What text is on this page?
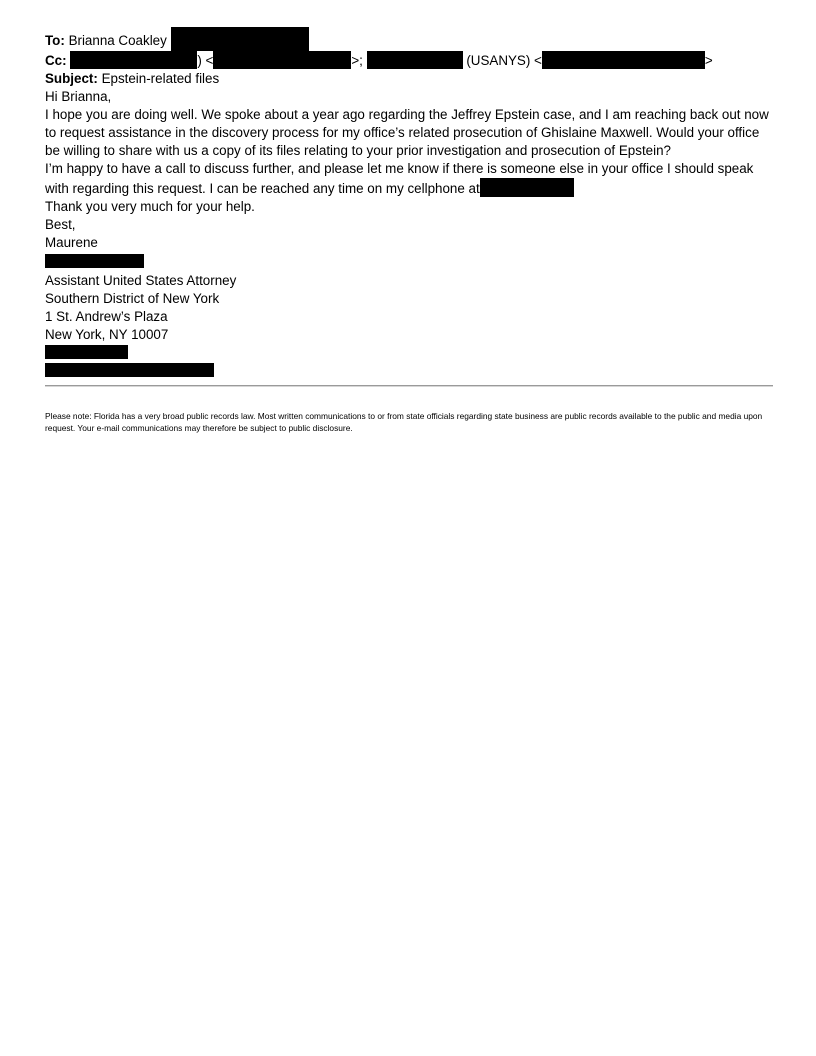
To: Brianna Coakley
Cc:	) <	>;	(USANYS) <	>
Subject: Epstein-related files
Hi Brianna,
I hope you are doing well. We spoke about a year ago regarding the Jeffrey Epstein case, and I am reaching back out now to request assistance in the discovery process for my office’s related prosecution of Ghislaine Maxwell. Would your office be willing to share with us a copy of its files relating to your prior investigation and prosecution of Epstein?
I’m happy to have a call to discuss further, and please let me know if there is someone else in your office I should speak with regarding this request. I can be reached any time on my cellphone at
Thank you very much for your help.
Best,
Maurene
Assistant United States Attorney
Southern District of New York
1 St. Andrew’s Plaza
New York, NY 10007
Please note: Florida has a very broad public records law. Most written communications to or from state officials regarding state business are public records available to the public and media upon request. Your e-mail communications may therefore be subject to public disclosure.
